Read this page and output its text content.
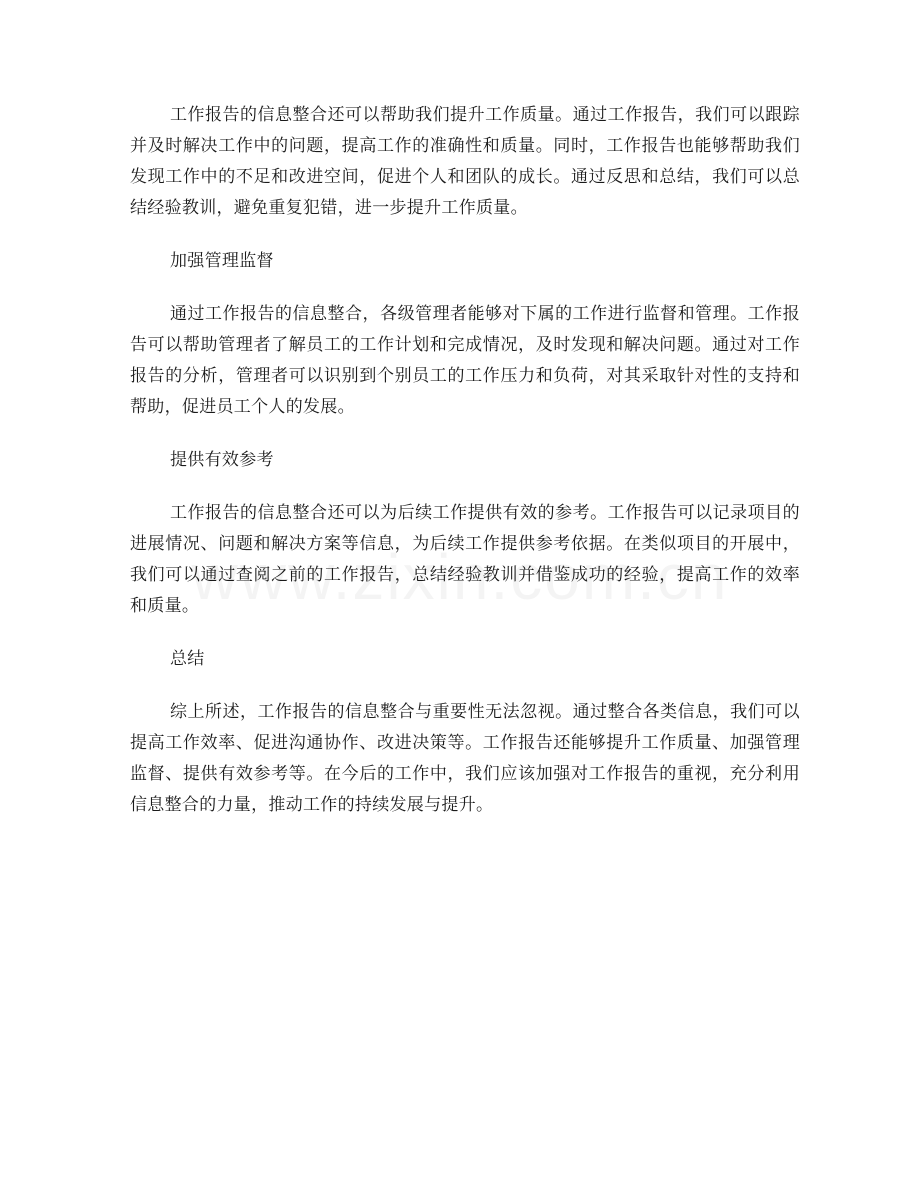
工作报告的信息整合还可以帮助我们提升工作质量。通过工作报告，我们可以跟踪并及时解决工作中的问题，提高工作的准确性和质量。同时，工作报告也能够帮助我们发现工作中的不足和改进空间，促进个人和团队的成长。通过反思和总结，我们可以总结经验教训，避免重复犯错，进一步提升工作质量。

加强管理监督

通过工作报告的信息整合，各级管理者能够对下属的工作进行监督和管理。工作报告可以帮助管理者了解员工的工作计划和完成情况，及时发现和解决问题。通过对工作报告的分析，管理者可以识别到个别员工的工作压力和负荷，对其采取针对性的支持和帮助，促进员工个人的发展。

提供有效参考

工作报告的信息整合还可以为后续工作提供有效的参考。工作报告可以记录项目的进展情况、问题和解决方案等信息，为后续工作提供参考依据。在类似项目的开展中，我们可以通过查阅之前的工作报告，总结经验教训并借鉴成功的经验，提高工作的效率和质量。

总结

综上所述，工作报告的信息整合与重要性无法忽视。通过整合各类信息，我们可以提高工作效率、促进沟通协作、改进决策等。工作报告还能够提升工作质量、加强管理监督、提供有效参考等。在今后的工作中，我们应该加强对工作报告的重视，充分利用信息整合的力量，推动工作的持续发展与提升。
